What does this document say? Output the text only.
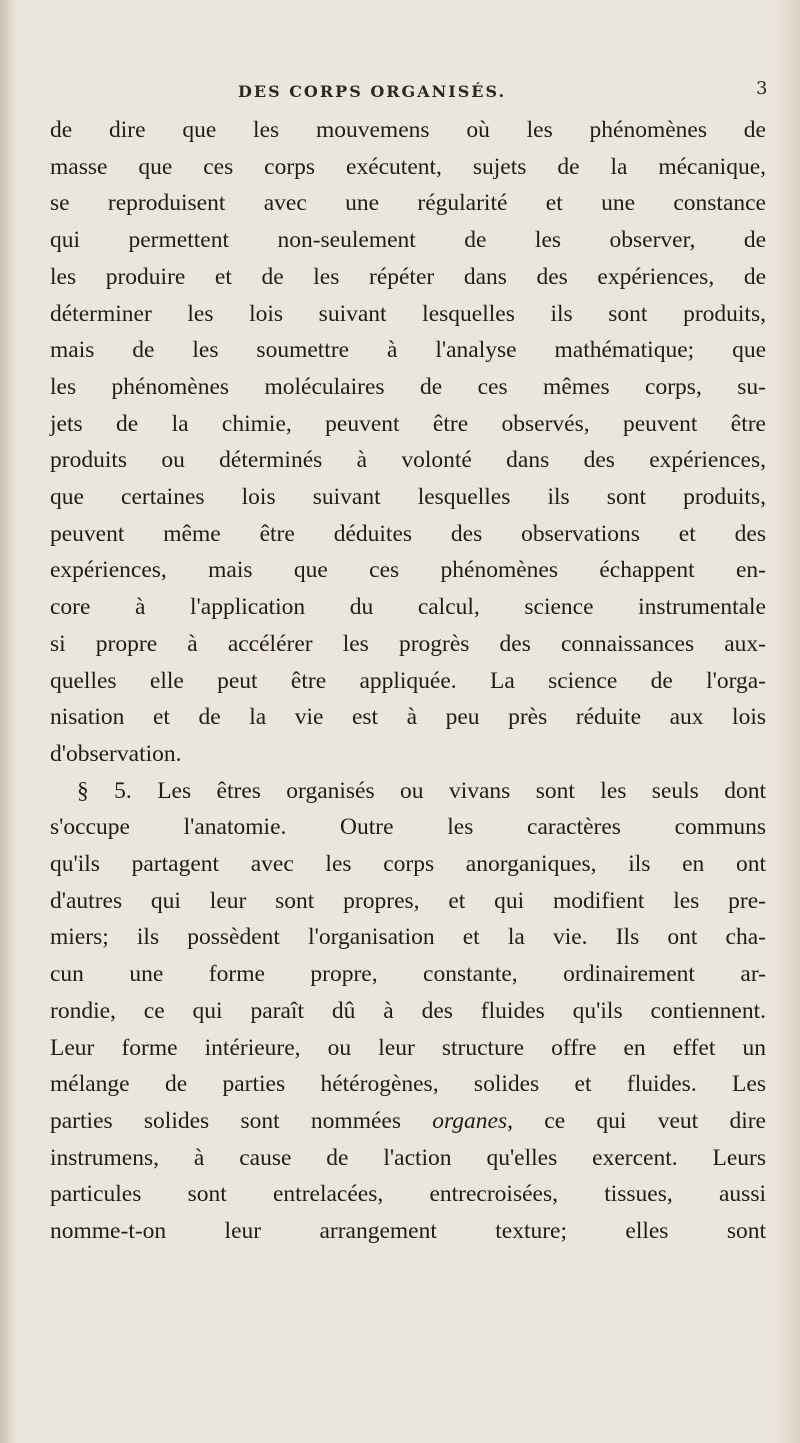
DES CORPS ORGANISÉS.	3
de dire que les mouvemens où les phénomènes de
masse que ces corps exécutent, sujets de la mécanique,
se reproduisent avec une régularité et une constance
qui permettent non-seulement de les observer, de
les produire et de les répéter dans des expériences, de
déterminer les lois suivant lesquelles ils sont produits,
mais de les soumettre à l'analyse mathématique; que
les phénomènes moléculaires de ces mêmes corps, su-
jets de la chimie, peuvent être observés, peuvent être
produits ou déterminés à volonté dans des expériences,
que certaines lois suivant lesquelles ils sont produits,
peuvent même être déduites des observations et des
expériences, mais que ces phénomènes échappent en-
core à l'application du calcul, science instrumentale
si propre à accélérer les progrès des connaissances aux-
quelles elle peut être appliquée. La science de l'orga-
nisation et de la vie est à peu près réduite aux lois
d'observation.
§ 5. Les êtres organisés ou vivans sont les seuls dont
s'occupe l'anatomie. Outre les caractères communs
qu'ils partagent avec les corps anorganiques, ils en ont
d'autres qui leur sont propres, et qui modifient les pre-
miers; ils possèdent l'organisation et la vie. Ils ont cha-
cun une forme propre, constante, ordinairement ar-
rondie, ce qui paraît dû à des fluides qu'ils contiennent.
Leur forme intérieure, ou leur structure offre en effet un
mélange de parties hétérogènes, solides et fluides. Les
parties solides sont nommées organes, ce qui veut dire
instrumens, à cause de l'action qu'elles exercent. Leurs
particules sont entrelacées, entrecroisées, tissues, aussi
nomme-t-on leur arrangement texture; elles sont
